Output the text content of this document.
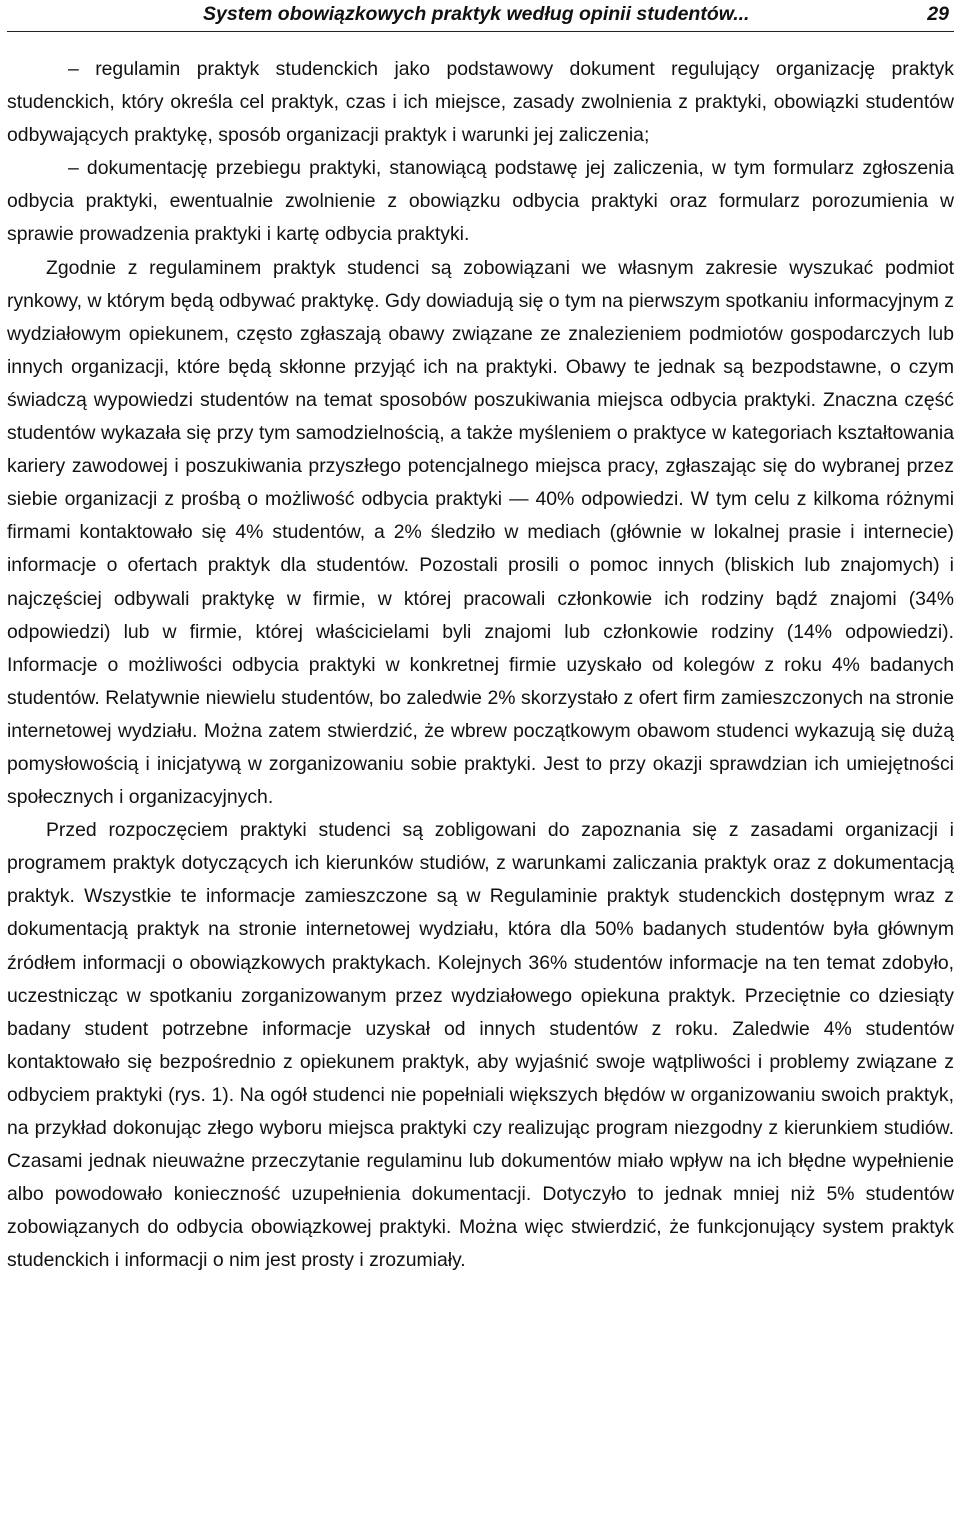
System obowiązkowych praktyk według opinii studentów...	29

– regulamin praktyk studenckich jako podstawowy dokument regulujący organizację praktyk studenckich, który określa cel praktyk, czas i ich miejsce, zasady zwolnienia z praktyki, obowiązki studentów odbywających praktykę, sposób organizacji praktyk i warunki jej zaliczenia;

– dokumentację przebiegu praktyki, stanowiącą podstawę jej zaliczenia, w tym formularz zgłoszenia odbycia praktyki, ewentualnie zwolnienie z obowiązku odbycia praktyki oraz formularz porozumienia w sprawie prowadzenia praktyki i kartę odbycia praktyki.

Zgodnie z regulaminem praktyk studenci są zobowiązani we własnym zakresie wyszukać podmiot rynkowy, w którym będą odbywać praktykę. Gdy dowiadują się o tym na pierwszym spotkaniu informacyjnym z wydziałowym opiekunem, często zgłaszają obawy związane ze znalezieniem podmiotów gospodarczych lub innych organizacji, które będą skłonne przyjąć ich na praktyki. Obawy te jednak są bezpodstawne, o czym świadczą wypowiedzi studentów na temat sposobów poszukiwania miejsca odbycia praktyki. Znaczna część studentów wykazała się przy tym samodzielnością, a także myśleniem o praktyce w kategoriach kształtowania kariery zawodowej i poszukiwania przyszłego potencjalnego miejsca pracy, zgłaszając się do wybranej przez siebie organizacji z prośbą o możliwość odbycia praktyki — 40% odpowiedzi. W tym celu z kilkoma różnymi firmami kontaktowało się 4% studentów, a 2% śledziło w mediach (głównie w lokalnej prasie i internecie) informacje o ofertach praktyk dla studentów. Pozostali prosili o pomoc innych (bliskich lub znajomych) i najczęściej odbywali praktykę w firmie, w której pracowali członkowie ich rodziny bądź znajomi (34% odpowiedzi) lub w firmie, której właścicielami byli znajomi lub członkowie rodziny (14% odpowiedzi). Informacje o możliwości odbycia praktyki w konkretnej firmie uzyskało od kolegów z roku 4% badanych studentów. Relatywnie niewielu studentów, bo zaledwie 2% skorzystało z ofert firm zamieszczonych na stronie internetowej wydziału. Można zatem stwierdzić, że wbrew początkowym obawom studenci wykazują się dużą pomysłowością i inicjatywą w zorganizowaniu sobie praktyki. Jest to przy okazji sprawdzian ich umiejętności społecznych i organizacyjnych.

Przed rozpoczęciem praktyki studenci są zobligowani do zapoznania się z zasadami organizacji i programem praktyk dotyczących ich kierunków studiów, z warunkami zaliczania praktyk oraz z dokumentacją praktyk. Wszystkie te informacje zamieszczone są w Regulaminie praktyk studenckich dostępnym wraz z dokumentacją praktyk na stronie internetowej wydziału, która dla 50% badanych studentów była głównym źródłem informacji o obowiązkowych praktykach. Kolejnych 36% studentów informacje na ten temat zdobyło, uczestnicząc w spotkaniu zorganizowanym przez wydziałowego opiekuna praktyk. Przeciętnie co dziesiąty badany student potrzebne informacje uzyskał od innych studentów z roku. Zaledwie 4% studentów kontaktowało się bezpośrednio z opiekunem praktyk, aby wyjaśnić swoje wątpliwości i problemy związane z odbyciem praktyki (rys. 1). Na ogół studenci nie popełniali większych błędów w organizowaniu swoich praktyk, na przykład dokonując złego wyboru miejsca praktyki czy realizując program niezgodny z kierunkiem studiów. Czasami jednak nieuważne przeczytanie regulaminu lub dokumentów miało wpływ na ich błędne wypełnienie albo powodowało konieczność uzupełnienia dokumentacji. Dotyczyło to jednak mniej niż 5% studentów zobowiązanych do odbycia obowiązkowej praktyki. Można więc stwierdzić, że funkcjonujący system praktyk studenckich i informacji o nim jest prosty i zrozumiały.
